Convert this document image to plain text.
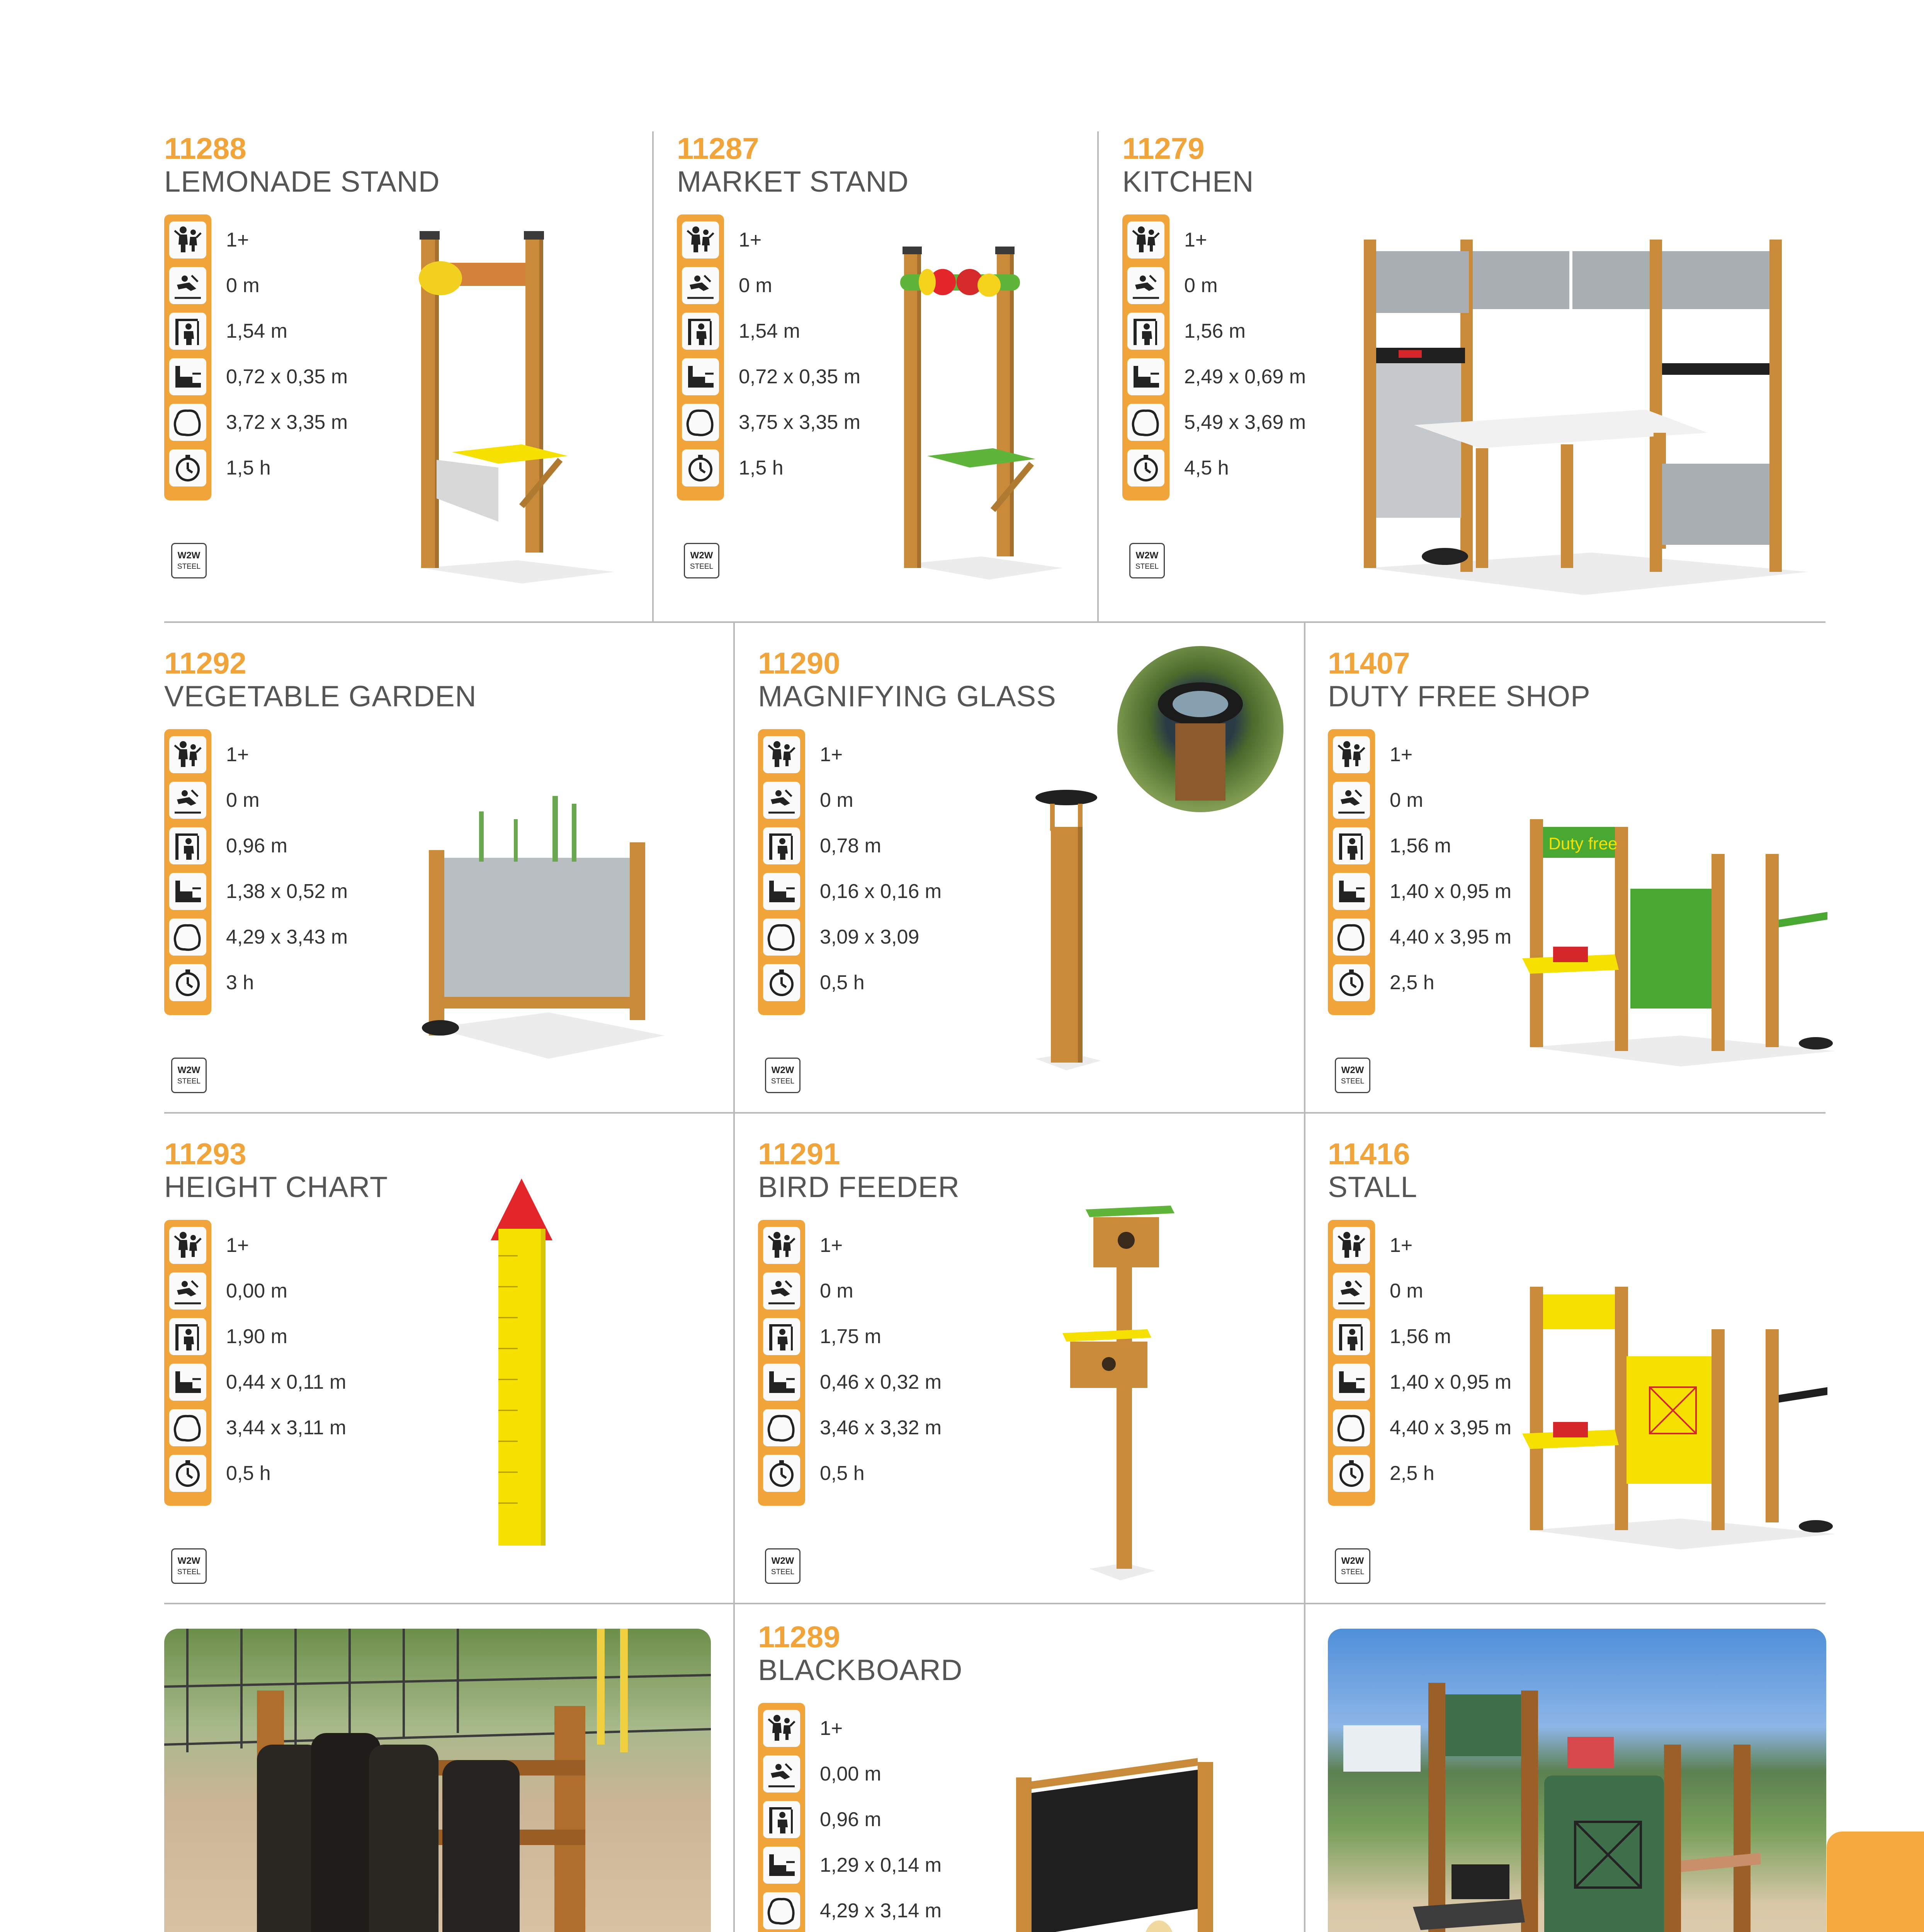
11288
LEMONADE STAND
1+
0 m
1,54 m
0,72 x 0,35 m
3,72 x 3,35 m
1,5 h
W2W
STEEL
11287
MARKET STAND
1+
0 m
1,54 m
0,72 x 0,35 m
3,75 x 3,35 m
1,5 h
W2W
STEEL
11279
KITCHEN
1+
0 m
1,56 m
2,49 x 0,69 m
5,49 x 3,69 m
4,5 h
W2W
STEEL
11292
VEGETABLE GARDEN
1+
0 m
0,96 m
1,38 x 0,52 m
4,29 x 3,43 m
3 h
W2W
STEEL
11290
MAGNIFYING GLASS
1+
0 m
0,78 m
0,16 x 0,16 m
3,09 x 3,09
0,5 h
W2W
STEEL
11407
DUTY FREE SHOP
1+
0 m
1,56 m
1,40 x 0,95 m
4,40 x 3,95 m
2,5 h
W2W
STEEL
Duty free
11293
HEIGHT CHART
1+
0,00 m
1,90 m
0,44 x 0,11 m
3,44 x 3,11 m
0,5 h
W2W
STEEL
11291
BIRD FEEDER
1+
0 m
1,75 m
0,46 x 0,32 m
3,46 x 3,32 m
0,5 h
W2W
STEEL
11416
STALL
1+
0 m
1,56 m
1,40 x 0,95 m
4,40 x 3,95 m
2,5 h
W2W
STEEL
11289
BLACKBOARD
1+
0,00 m
0,96 m
1,29 x 0,14 m
4,29 x 3,14 m
